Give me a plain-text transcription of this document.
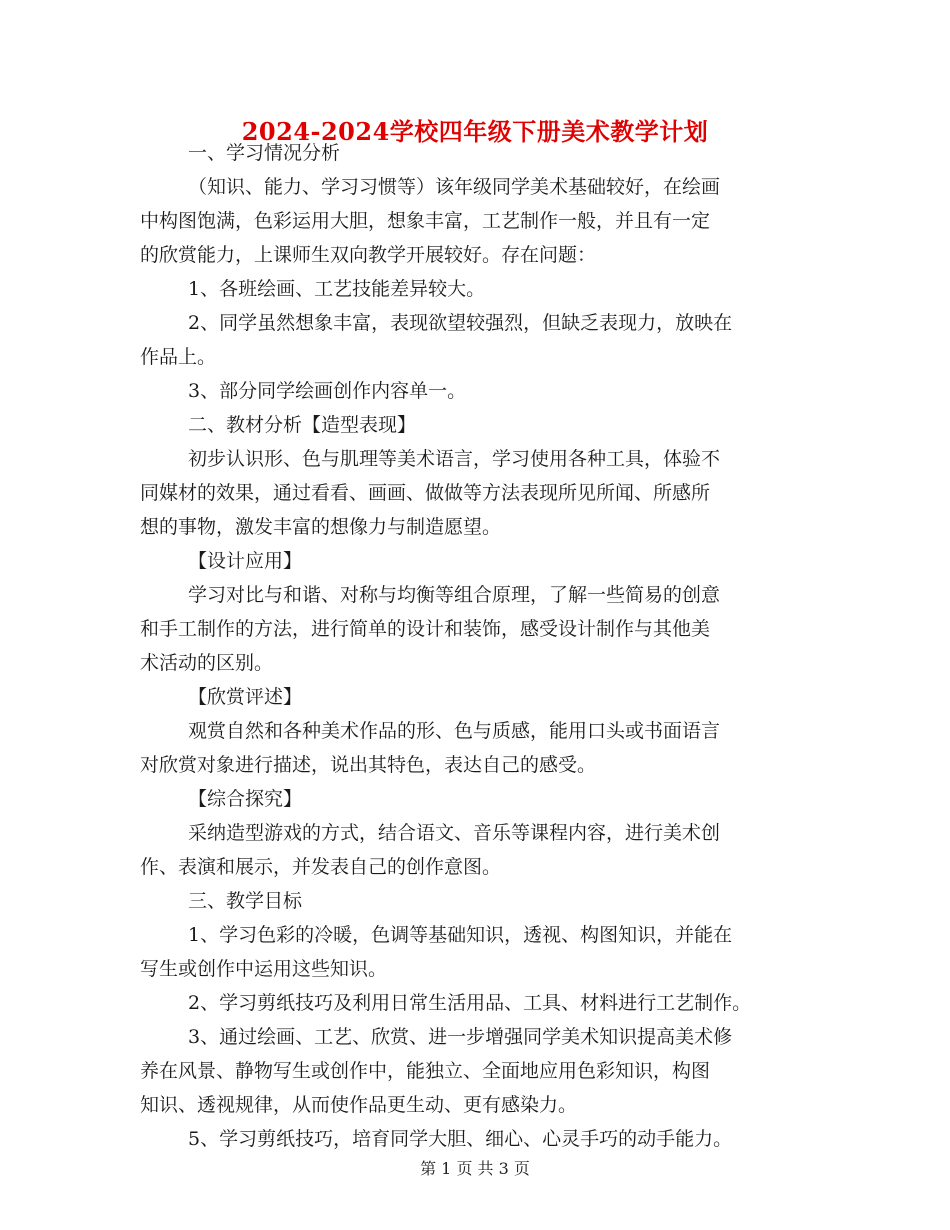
2024-2024学校四年级下册美术教学计划

一、学习情况分析

（知识、能力、学习习惯等）该年级同学美术基础较好，在绘画

中构图饱满，色彩运用大胆，想象丰富，工艺制作一般，并且有一定

的欣赏能力，上课师生双向教学开展较好。存在问题：

1、各班绘画、工艺技能差异较大。

2、同学虽然想象丰富，表现欲望较强烈，但缺乏表现力，放映在

作品上。

3、部分同学绘画创作内容单一。

二、教材分析【造型表现】

初步认识形、色与肌理等美术语言，学习使用各种工具，体验不

同媒材的效果，通过看看、画画、做做等方法表现所见所闻、所感所

想的事物，激发丰富的想像力与制造愿望。

【设计应用】

学习对比与和谐、对称与均衡等组合原理，了解一些简易的创意

和手工制作的方法，进行简单的设计和装饰，感受设计制作与其他美

术活动的区别。

【欣赏评述】

观赏自然和各种美术作品的形、色与质感，能用口头或书面语言

对欣赏对象进行描述，说出其特色，表达自己的感受。

【综合探究】

采纳造型游戏的方式，结合语文、音乐等课程内容，进行美术创

作、表演和展示，并发表自己的创作意图。

三、教学目标

1、学习色彩的冷暖，色调等基础知识，透视、构图知识，并能在

写生或创作中运用这些知识。

2、学习剪纸技巧及利用日常生活用品、工具、材料进行工艺制作。

3、通过绘画、工艺、欣赏、进一步增强同学美术知识提高美术修

养在风景、静物写生或创作中，能独立、全面地应用色彩知识，构图

知识、透视规律，从而使作品更生动、更有感染力。

5、学习剪纸技巧，培育同学大胆、细心、心灵手巧的动手能力。

第 1 页 共 3 页
